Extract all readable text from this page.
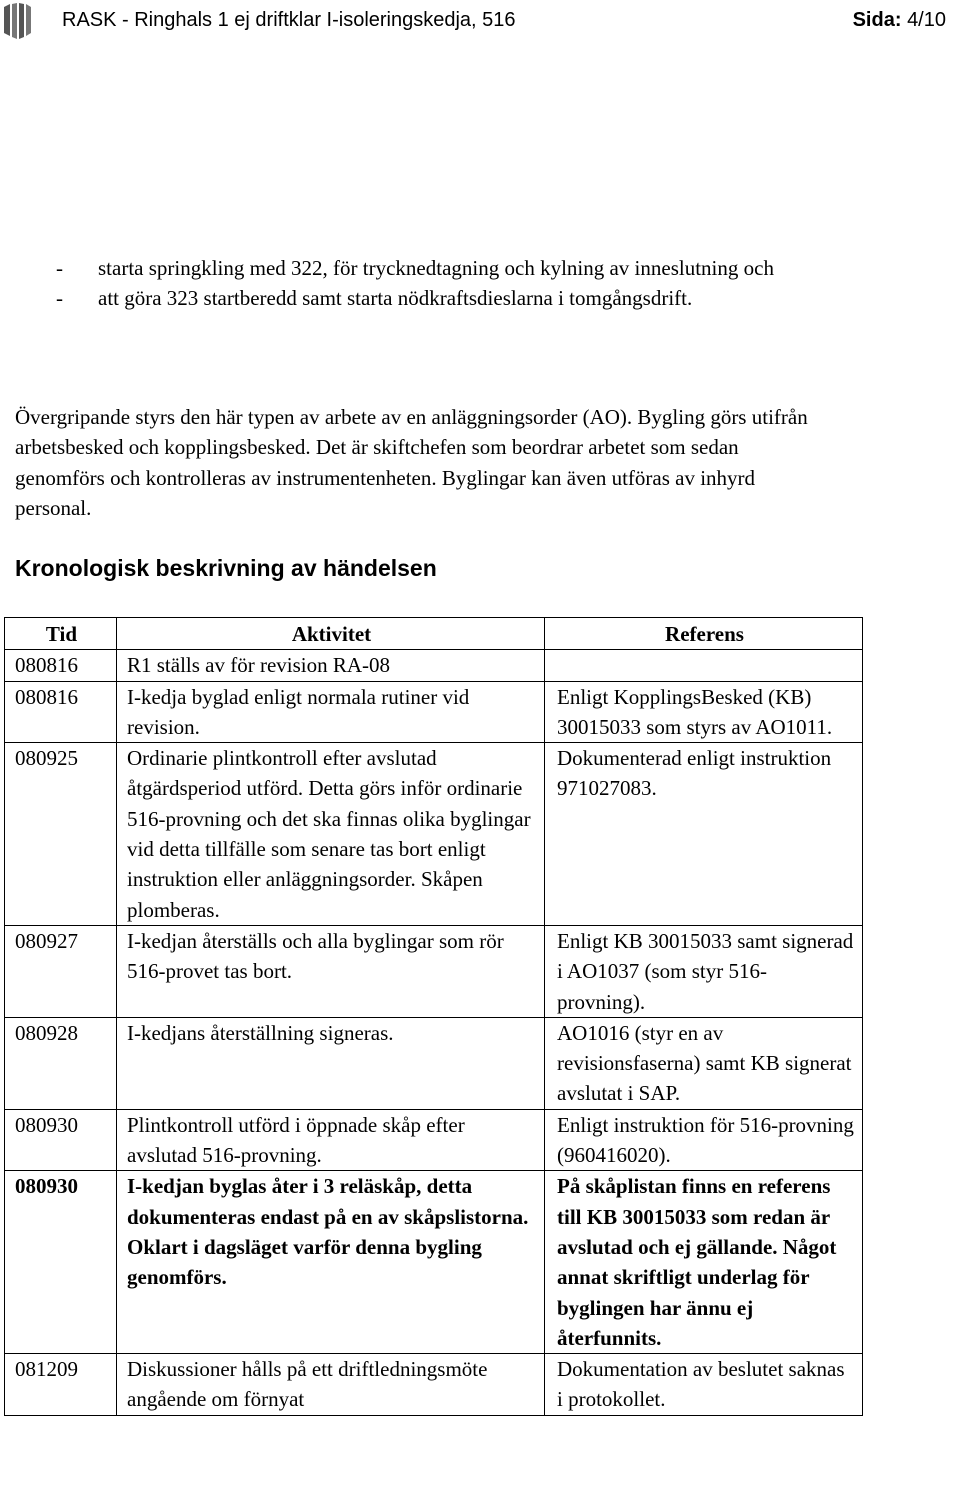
RASK - Ringhals 1 ej driftklar I-isoleringskedja, 516	Sida: 4/10
- starta springkling med 322, för trycknedtagning och kylning av inneslutning och
- att göra 323 startberedd samt starta nödkraftsdieslarna i tomgångsdrift.
Övergripande styrs den här typen av arbete av en anläggningsorder (AO). Bygling görs utifrån arbetsbesked och kopplingsbesked. Det är skiftchefen som beordrar arbetet som sedan genomförs och kontrolleras av instrumentenheten. Byglingar kan även utföras av inhyrd personal.
Kronologisk beskrivning av händelsen
Tid	Aktivitet	Referens
080816	R1 ställs av för revision RA-08	
080816	I-kedja byglad enligt normala rutiner vid revision.	Enligt KopplingsBesked (KB) 30015033 som styrs av AO1011.
080925	Ordinarie plintkontroll efter avslutad åtgärdsperiod utförd. Detta görs inför ordinarie 516-provning och det ska finnas olika byglingar vid detta tillfälle som senare tas bort enligt instruktion eller anläggningsorder. Skåpen plomberas.	Dokumenterad enligt instruktion 971027083.
080927	I-kedjan återställs och alla byglingar som rör 516-provet tas bort.	Enligt KB 30015033 samt signerad i AO1037 (som styr 516-provning).
080928	I-kedjans återställning signeras.	AO1016 (styr en av revisionsfaserna) samt KB signerat avslutat i SAP.
080930	Plintkontroll utförd i öppnade skåp efter avslutad 516-provning.	Enligt instruktion för 516-provning (960416020).
080930	I-kedjan byglas åter i 3 reläskåp, detta dokumenteras endast på en av skåpslistorna. Oklart i dagsläget varför denna bygling genomförs.	På skåplistan finns en referens till KB 30015033 som redan är avslutad och ej gällande. Något annat skriftligt underlag för byglingen har ännu ej återfunnits.
081209	Diskussioner hålls på ett driftledningsmöte angående om förnyat	Dokumentation av beslutet saknas i protokollet.
